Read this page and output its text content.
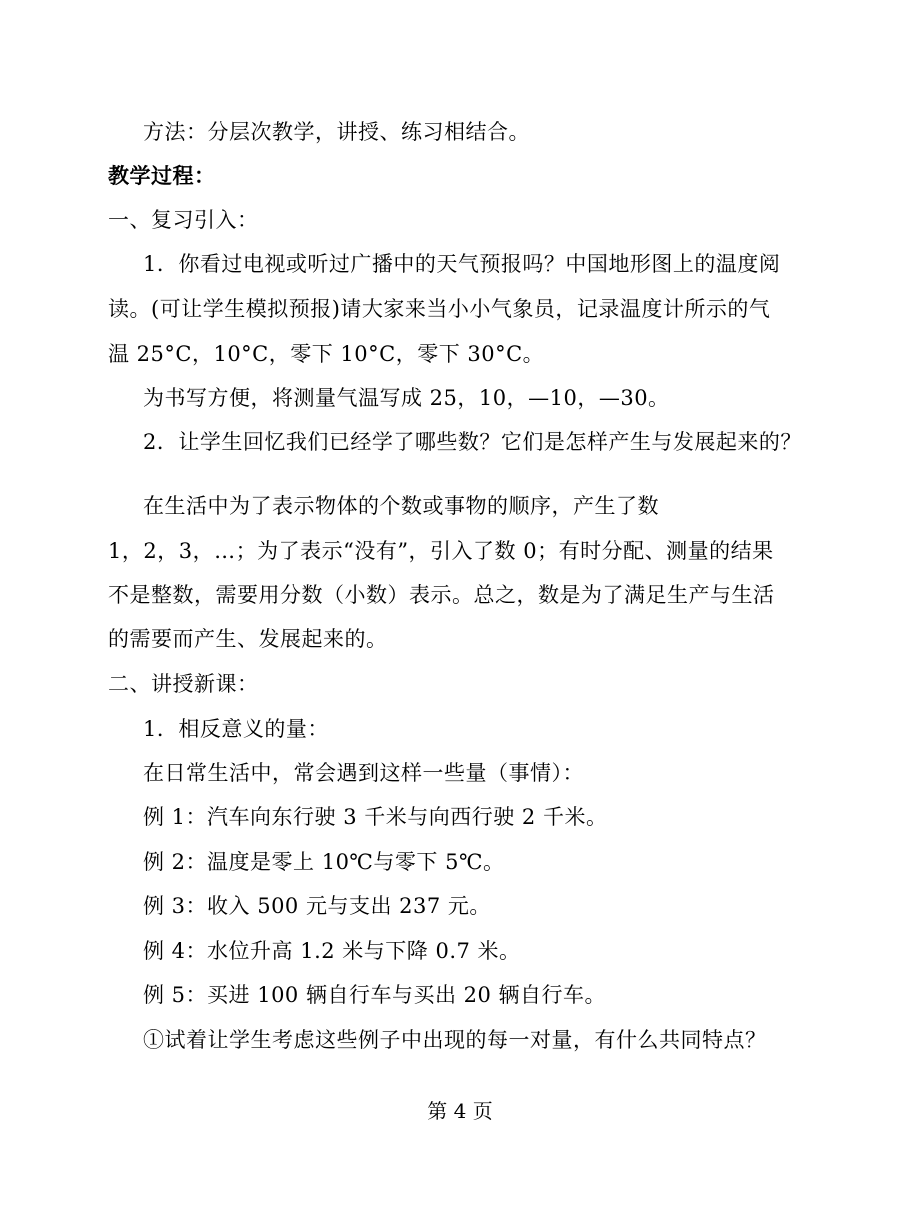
方法：分层次教学，讲授、练习相结合。
教学过程：
一、复习引入：
1．你看过电视或听过广播中的天气预报吗？中国地形图上的温度阅
读。(可让学生模拟预报)请大家来当小小气象员，记录温度计所示的气
温 25°C，10°C，零下 10°C，零下 30°C。
为书写方便，将测量气温写成 25，10，—10，—30。
2．让学生回忆我们已经学了哪些数？它们是怎样产生与发展起来的？
在生活中为了表示物体的个数或事物的顺序，产生了数
1，2，3，…；为了表示“没有”，引入了数 0；有时分配、测量的结果
不是整数，需要用分数（小数）表示。总之，数是为了满足生产与生活
的需要而产生、发展起来的。
二、讲授新课：
1．相反意义的量：
在日常生活中，常会遇到这样一些量（事情）：
例 1：汽车向东行驶 3 千米与向西行驶 2 千米。
例 2：温度是零上 10℃与零下 5℃。
例 3：收入 500 元与支出 237 元。
例 4：水位升高 1.2 米与下降 0.7 米。
例 5：买进 100 辆自行车与买出 20 辆自行车。
①试着让学生考虑这些例子中出现的每一对量，有什么共同特点？
第 4 页
